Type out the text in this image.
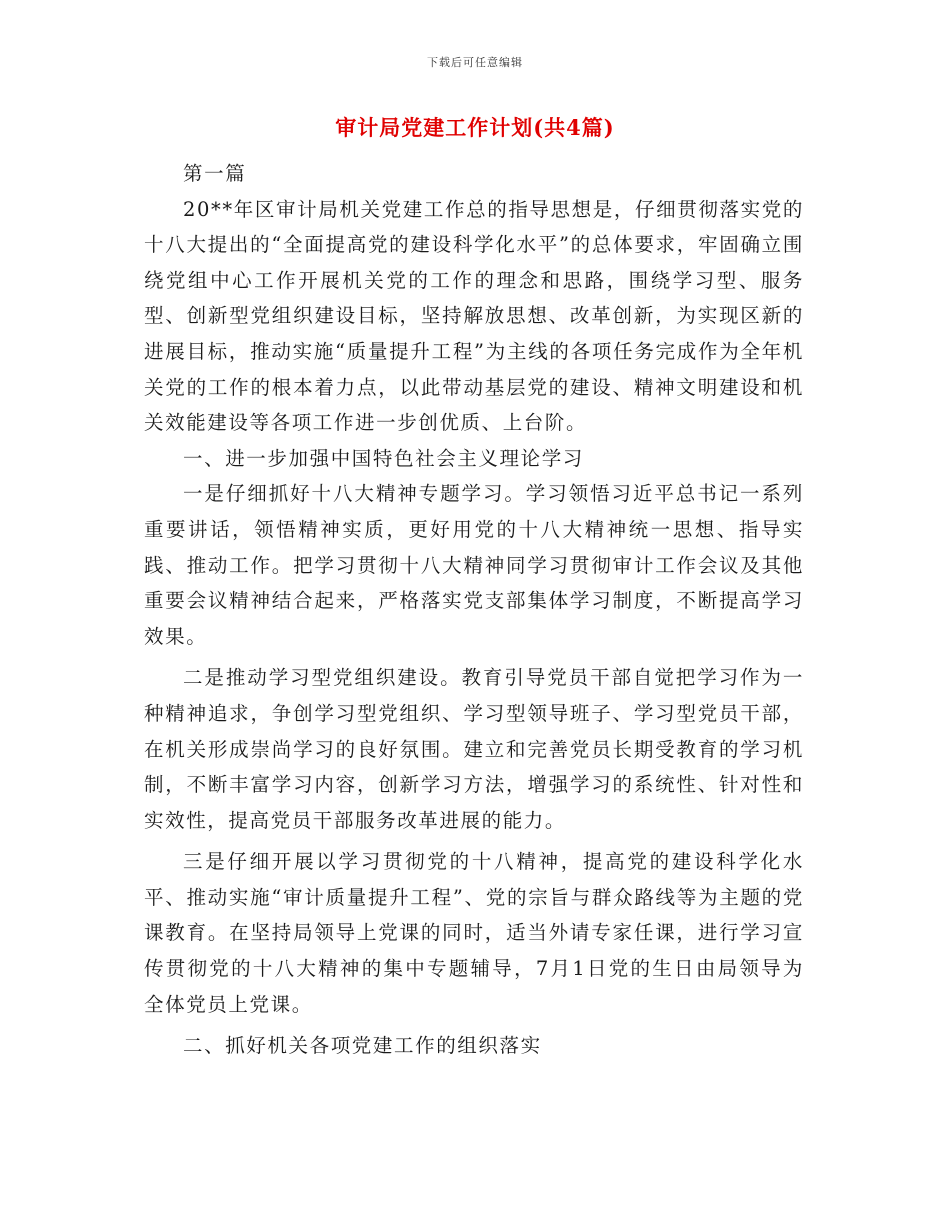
下载后可任意编辑
审计局党建工作计划(共4篇)

第一篇

20**年区审计局机关党建工作总的指导思想是，仔细贯彻落实党的十八大提出的“全面提高党的建设科学化水平”的总体要求，牢固确立围绕党组中心工作开展机关党的工作的理念和思路，围绕学习型、服务型、创新型党组织建设目标，坚持解放思想、改革创新，为实现区新的进展目标，推动实施“质量提升工程”为主线的各项任务完成作为全年机关党的工作的根本着力点，以此带动基层党的建设、精神文明建设和机关效能建设等各项工作进一步创优质、上台阶。

一、进一步加强中国特色社会主义理论学习

一是仔细抓好十八大精神专题学习。学习领悟习近平总书记一系列重要讲话，领悟精神实质，更好用党的十八大精神统一思想、指导实践、推动工作。把学习贯彻十八大精神同学习贯彻审计工作会议及其他重要会议精神结合起来，严格落实党支部集体学习制度，不断提高学习效果。

二是推动学习型党组织建设。教育引导党员干部自觉把学习作为一种精神追求，争创学习型党组织、学习型领导班子、学习型党员干部，在机关形成崇尚学习的良好氛围。建立和完善党员长期受教育的学习机制，不断丰富学习内容，创新学习方法，增强学习的系统性、针对性和实效性，提高党员干部服务改革进展的能力。

三是仔细开展以学习贯彻党的十八精神，提高党的建设科学化水平、推动实施“审计质量提升工程”、党的宗旨与群众路线等为主题的党课教育。在坚持局领导上党课的同时，适当外请专家任课，进行学习宣传贯彻党的十八大精神的集中专题辅导，7月1日党的生日由局领导为全体党员上党课。

二、抓好机关各项党建工作的组织落实
